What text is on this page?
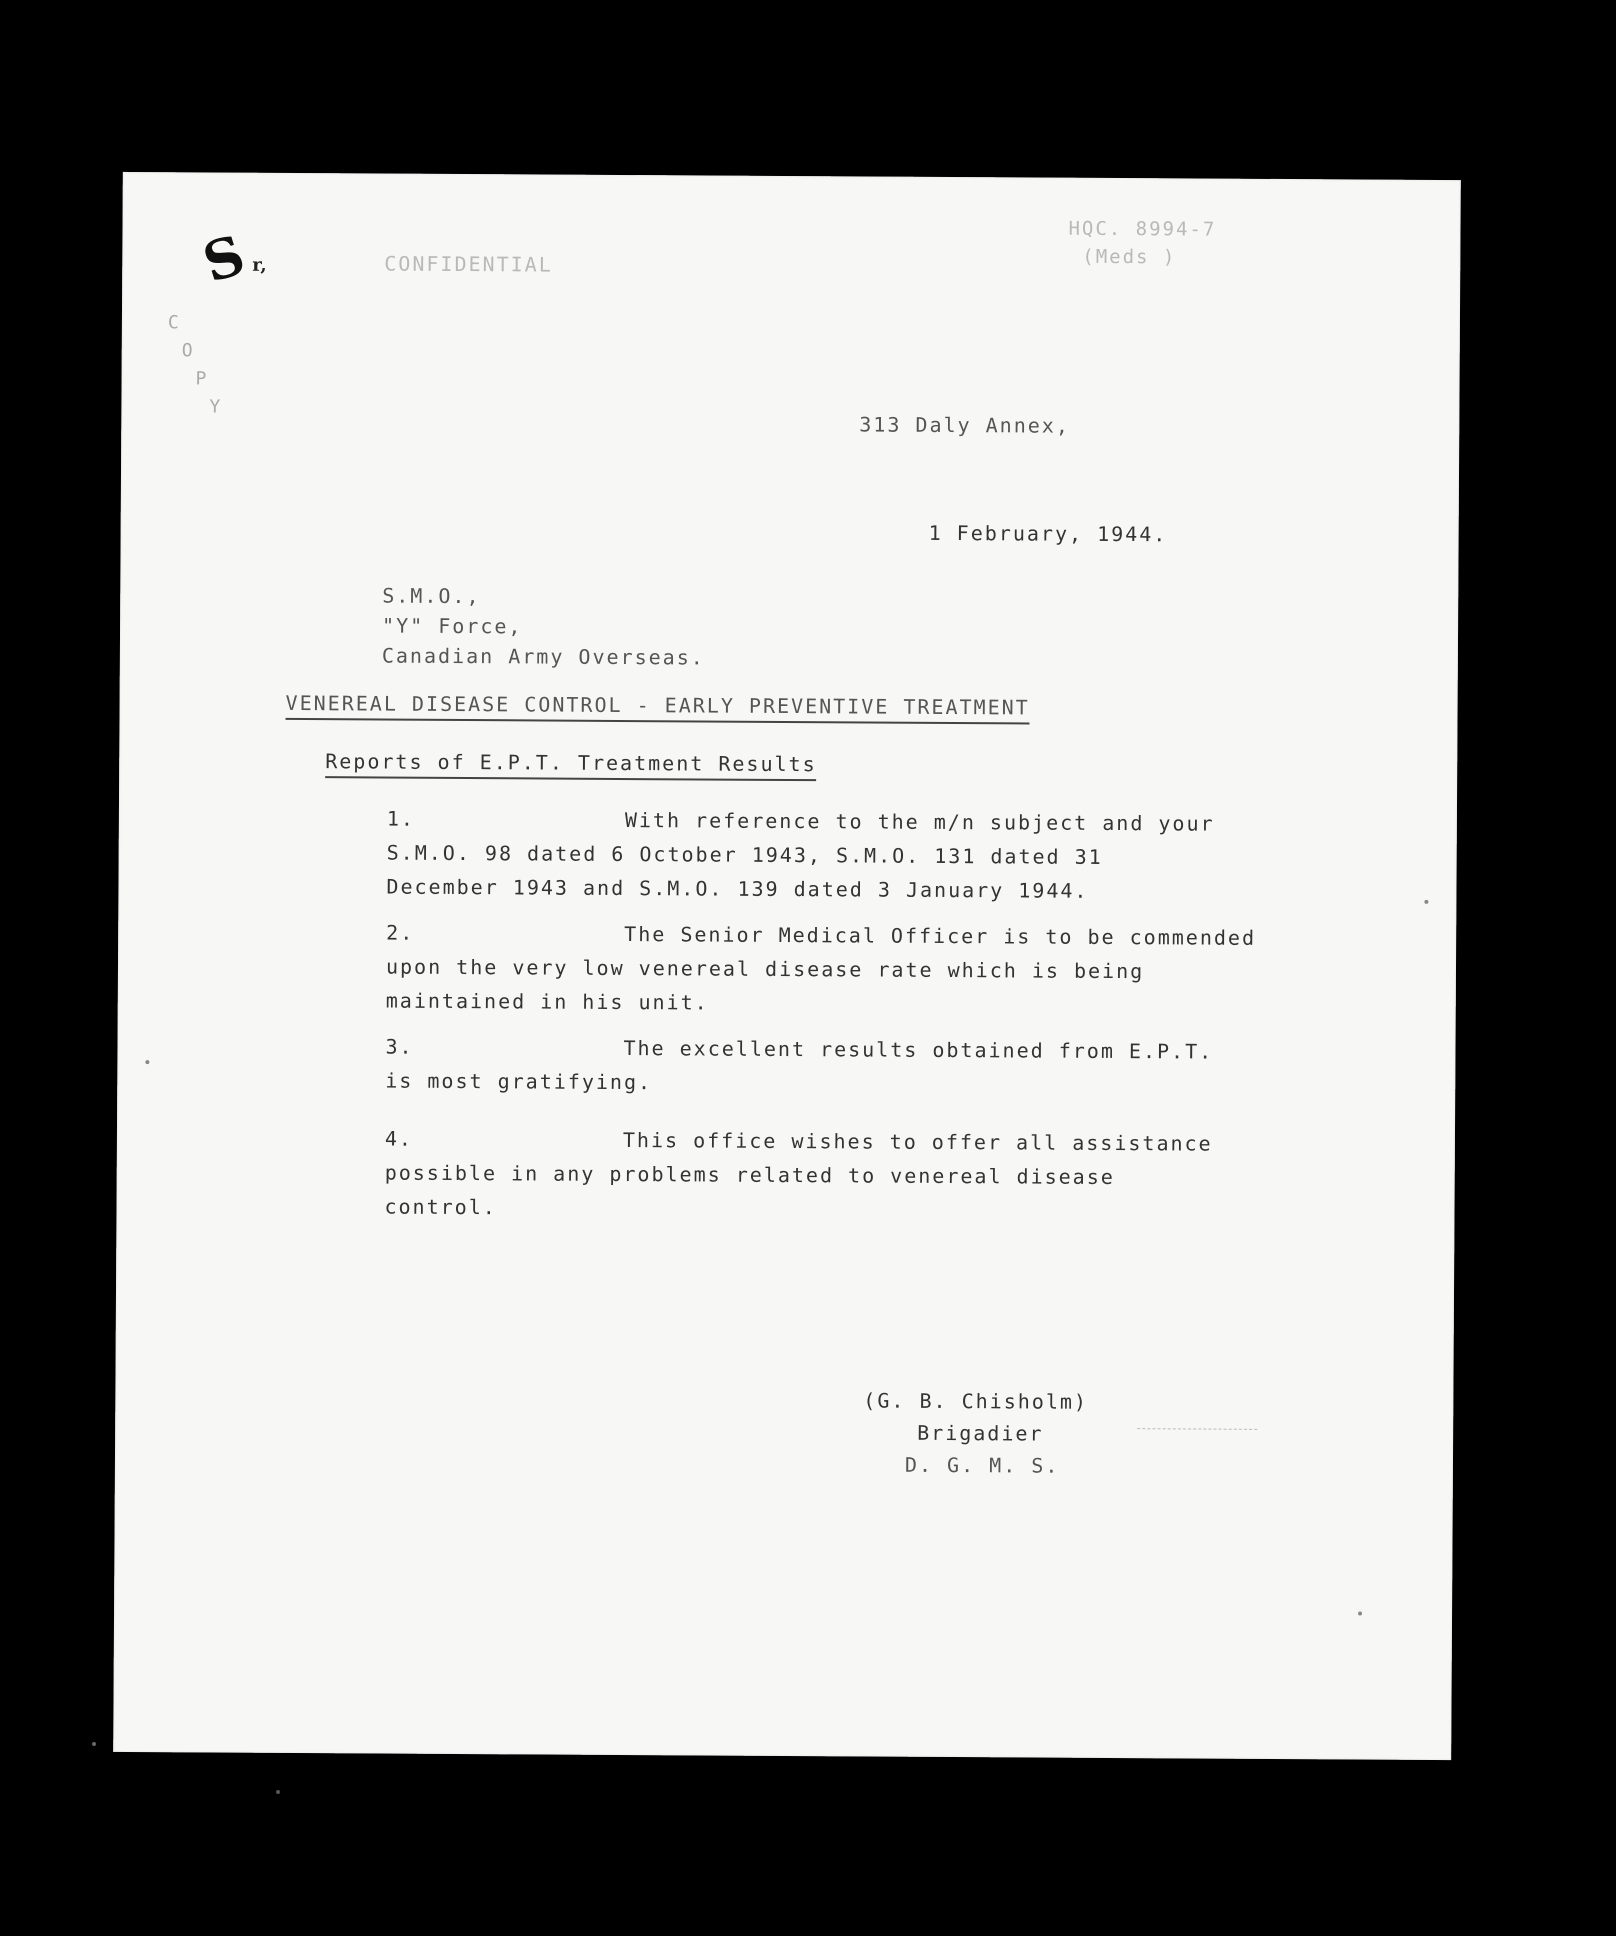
S r,	CONFIDENTIAL
HQC. 8994-7
(Meds )
C
O
P
Y
313 Daly Annex,
1 February, 1944.
S.M.O.,
"Y" Force,
Canadian Army Overseas.
VENEREAL DISEASE CONTROL - EARLY PREVENTIVE TREATMENT
Reports of E.P.T. Treatment Results
1.	With reference to the m/n subject and your
S.M.O. 98 dated 6 October 1943, S.M.O. 131 dated 31
December 1943 and S.M.O. 139 dated 3 January 1944.
2.	The Senior Medical Officer is to be commended
upon the very low venereal disease rate which is being
maintained in his unit.
3.	The excellent results obtained from E.P.T.
is most gratifying.
4.	This office wishes to offer all assistance
possible in any problems related to venereal disease
control.
(G. B. Chisholm)
Brigadier
D. G. M. S.
